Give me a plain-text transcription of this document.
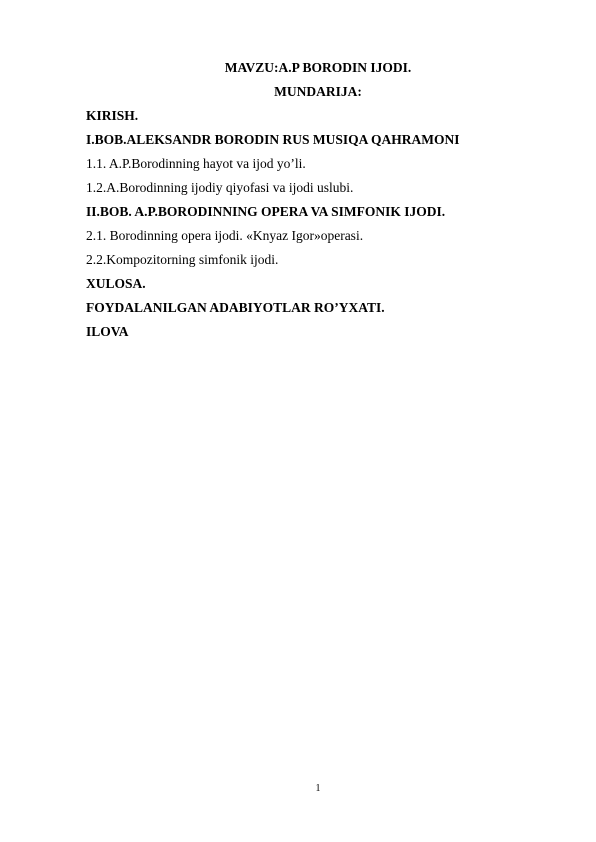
MAVZU:A.P BORODIN IJODI.
MUNDARIJA:
KIRISH.
I.BOB.ALEKSANDR BORODIN RUS MUSIQA QAHRAMONI
1.1. A.P.Borodinning hayot va ijod yo’li.
1.2.A.Borodinning ijodiy qiyofasi va ijodi uslubi.
II.BOB. A.P.BORODINNING OPERA VA SIMFONIK IJODI.
2.1. Borodinning opera ijodi. «Knyaz Igor»operasi.
2.2.Kompozitorning simfonik ijodi.
XULOSA.
FOYDALANILGAN ADABIYOTLAR RO’YXATI.
ILOVA
1
